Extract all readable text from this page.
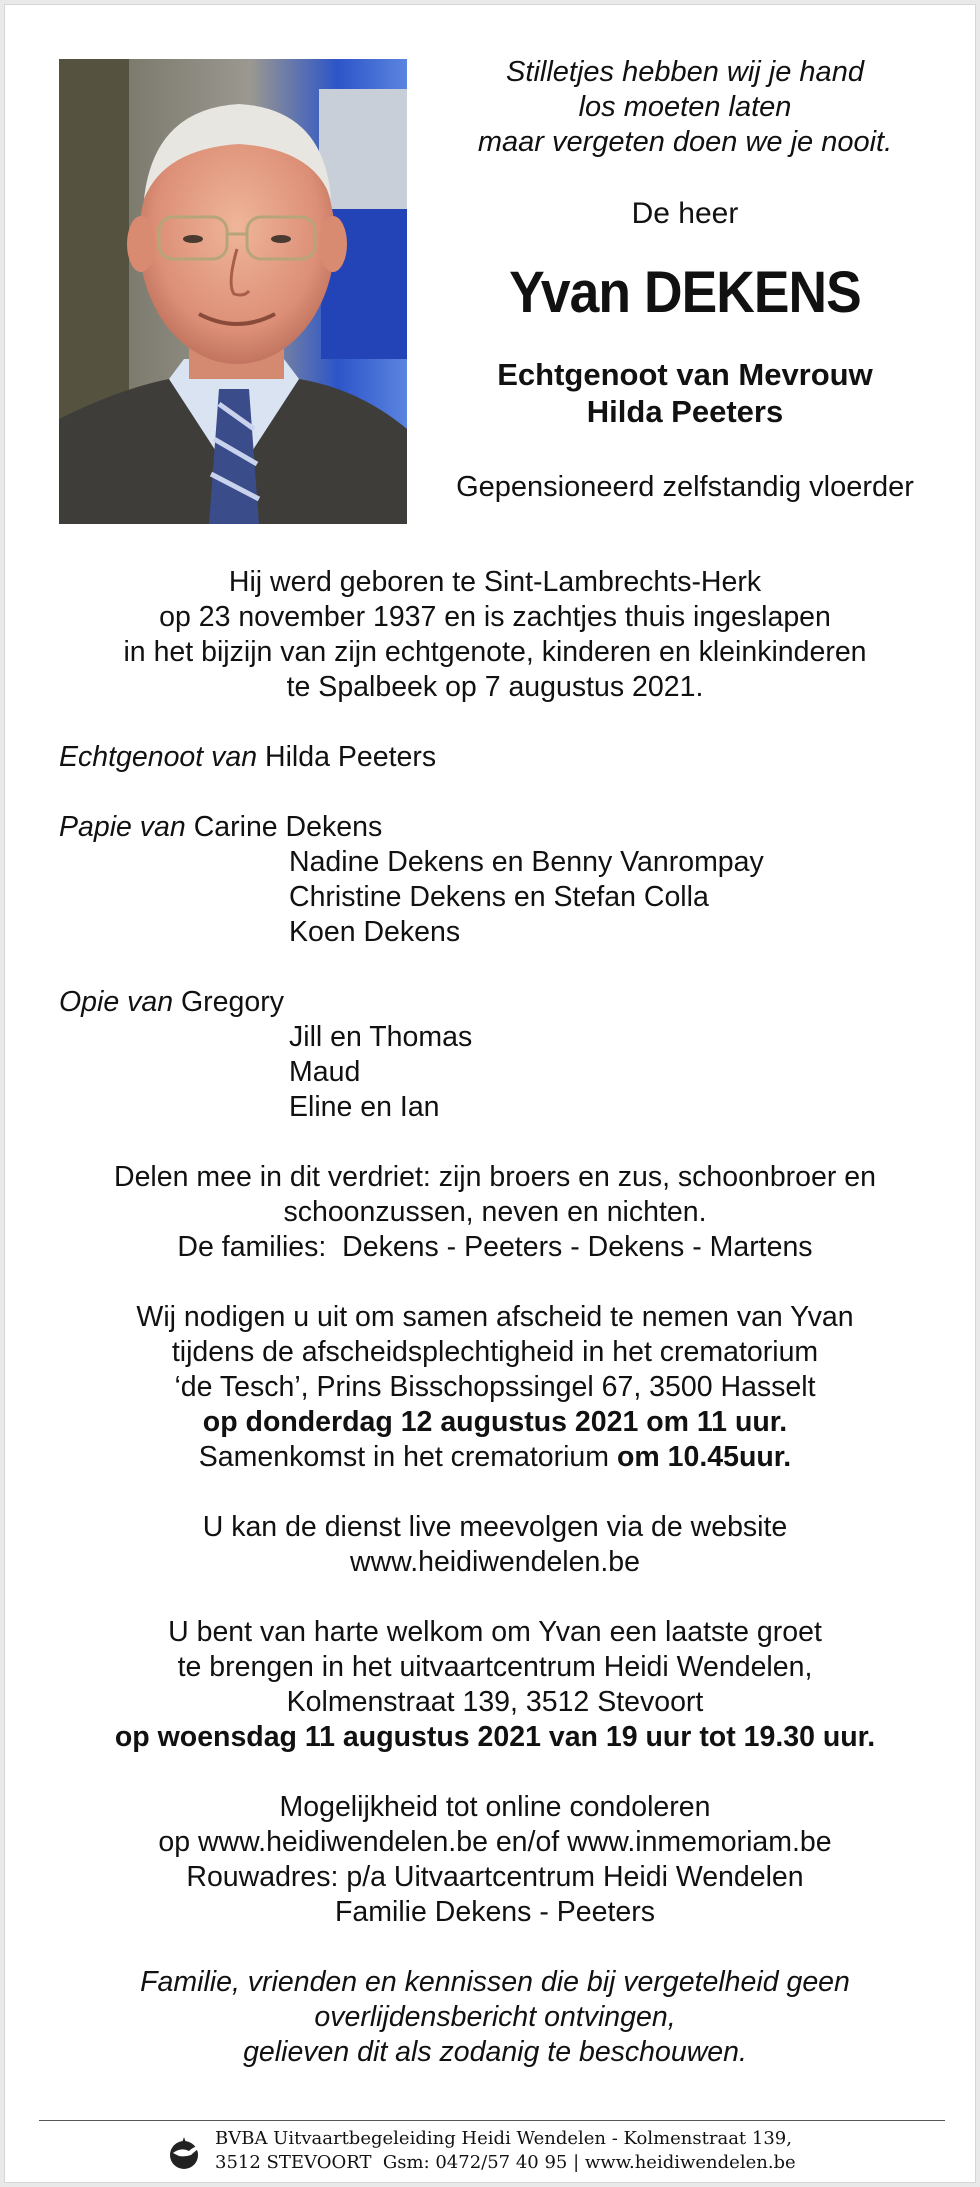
Stilletjes hebben wij je hand
los moeten laten
maar vergeten doen we je nooit.
De heer
Yvan DEKENS
Echtgenoot van Mevrouw
Hilda Peeters
Gepensioneerd zelfstandig vloerder
Hij werd geboren te Sint-Lambrechts-Herk
op 23 november 1937 en is zachtjes thuis ingeslapen
in het bijzijn van zijn echtgenote, kinderen en kleinkinderen
te Spalbeek op 7 augustus 2021.
Echtgenoot van Hilda Peeters
Papie van Carine Dekens
Nadine Dekens en Benny Vanrompay
Christine Dekens en Stefan Colla
Koen Dekens
Opie van Gregory
Jill en Thomas
Maud
Eline en Ian
Delen mee in dit verdriet: zijn broers en zus, schoonbroer en
schoonzussen, neven en nichten.
De families:  Dekens - Peeters - Dekens - Martens
Wij nodigen u uit om samen afscheid te nemen van Yvan
tijdens de afscheidsplechtigheid in het crematorium
‘de Tesch’, Prins Bisschopssingel 67, 3500 Hasselt
op donderdag 12 augustus 2021 om 11 uur.
Samenkomst in het crematorium om 10.45uur.
U kan de dienst live meevolgen via de website
www.heidiwendelen.be
U bent van harte welkom om Yvan een laatste groet
te brengen in het uitvaartcentrum Heidi Wendelen,
Kolmenstraat 139, 3512 Stevoort
op woensdag 11 augustus 2021 van 19 uur tot 19.30 uur.
Mogelijkheid tot online condoleren
op www.heidiwendelen.be en/of www.inmemoriam.be
Rouwadres: p/a Uitvaartcentrum Heidi Wendelen
Familie Dekens - Peeters
Familie, vrienden en kennissen die bij vergetelheid geen
overlijdensbericht ontvingen,
gelieven dit als zodanig te beschouwen.
BVBA Uitvaartbegeleiding Heidi Wendelen - Kolmenstraat 139,
3512 STEVOORT  Gsm: 0472/57 40 95 | www.heidiwendelen.be
